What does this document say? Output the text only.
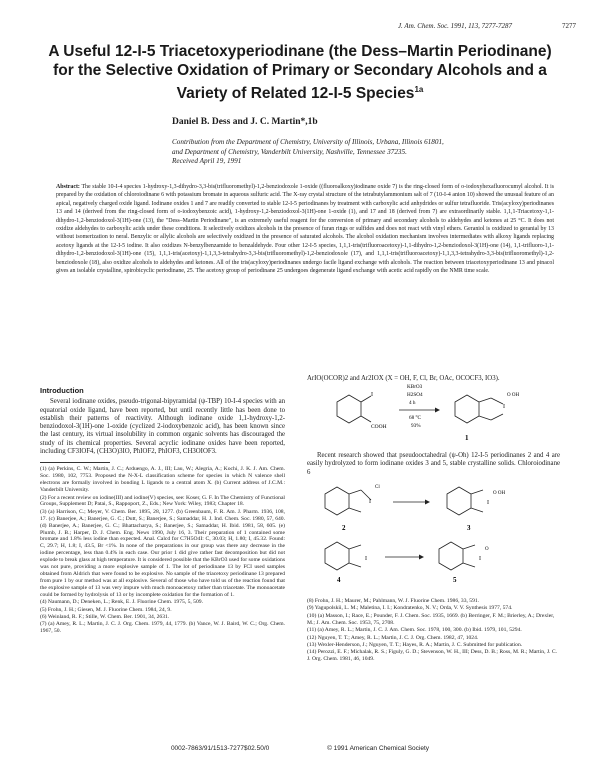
J. Am. Chem. Soc. 1991, 113, 7277-7287	7277
A Useful 12-I-5 Triacetoxyperiodinane (the Dess–Martin Periodinane) for the Selective Oxidation of Primary or Secondary Alcohols and a Variety of Related 12-I-5 Species$^{1a}$
Daniel B. Dess and J. C. Martin*,1b
Contribution from the Department of Chemistry, University of Illinois, Urbana, Illinois 61801,
and Department of Chemistry, Vanderbilt University, Nashville, Tennessee 37235.
Received April 19, 1991
Abstract: The stable 10-I-4 species 1-hydroxy-1,3-dihydro-3,3-bis(trifluoromethyl)-1,2-benziodoxole 1-oxide ((fluoroalkoxy)iodinane oxide 7) is the ring-closed form of o-iodoxyhexafluorocumyl alcohol. It is prepared by the oxidation of chloroiodinane 6 with potassium bromate in aqueous sulfuric acid. The X-ray crystal structure of the tetrabutylammonium salt of 7 (10-I-4 anion 10) showed the unusual feature of an apical, negatively charged oxide ligand. Iodinane oxides 1 and 7 are readily converted to stable 12-I-5 periodinanes by treatment with carboxylic acid anhydrides or sulfur tetrafluoride. Tris(acyloxy)periodinanes 13 and 14 (derived from the ring-closed form of o-iodoxybenzoic acid), 1-hydroxy-1,2-benziodoxol-3(1H)-one 1-oxide (1), and 17 and 18 (derived from 7) are extraordinarily stable. 1,1,1-Triacetoxy-1,1-dihydro-1,2-benziodoxol-3(1H)-one (13), the "Dess–Martin Periodinane", is an extremely useful reagent for the conversion of primary and secondary alcohols to aldehydes and ketones at 25 °C. It does not oxidize aldehydes to carboxylic acids under these conditions. It selectively oxidizes alcohols in the presence of furan rings or sulfides and does not react with vinyl ethers. Geraniol is oxidized to geranial by 13 without isomerization to neral. Benzylic or allylic alcohols are selectively oxidized in the presence of saturated alcohols. The alcohol oxidation mechanism involves intermediates with alkoxy ligands replacing acetoxy ligands at the 12-I-5 iodine. It also oxidizes N-benzylbenzamide to benzaldehyde. Four other 12-I-5 species, 1,1,1-tris(trifluoroacetoxy)-1,1-dihydro-1,2-benziodoxol-3(1H)-one (14), 1,1-trifluoro-1,1-dihydro-1,2-benziodoxol-3(1H)-one (15), 1,1,1-tris(acetoxy)-1,1,3,3-tetrahydro-3,3-bis(trifluoromethyl)-1,2-benziodoxole (17), and 1,1,1-tris(trifluoroacetoxy)-1,1,3,3-tetrahydro-3,3-bis(trifluoromethyl)-1,2-benziodoxole (18), also oxidize alcohols to aldehydes and ketones. All of the tris(acyloxy)periodinanes undergo facile ligand exchange with alcohols. The reaction between triacetoxyperiodinane 13 and pinacol gives an isolable crystalline, spirobicyclic periodinane, 25. The acetoxy group of periodinane 25 undergoes degenerate ligand exchange with acetic acid rapidly on the NMR time scale.
Introduction

Several iodinane oxides, pseudo-trigonal-bipyramidal (ψ-TBP) 10-I-4 species with an equatorial oxide ligand, have been reported, but until recently little has been done to establish their patterns of reactivity. Although iodinane oxide 1,1-hydroxy-1,2-benziodoxol-3(1H)-one 1-oxide (cyclized 2-iodoxybenzoic acid), has been known since the last century, its virtual insolubility in common organic solvents has discouraged the study of its chemical properties. Several acyclic iodinane oxides have been reported, including CF3IOF4, (CH3O)3IO, PhIOF2, PhIOF3, CH3OIOF3.

(1) (a) Perkins, C. W.; Martin, J. C.; Arduengo, A. J., III; Lau, W.; Alegria, A.; Kochi, J. K. J. Am. Chem. Soc. 1980, 102, 7753. Proposed the N-X-L classification scheme for species in which N valence shell electrons are formally involved in bonding L ligands to a central atom X. (b) Current address of J.C.M.: Vanderbilt University.
(2) For a recent review on iodine(III) and iodine(V) species, see: Koser, G. F. In The Chemistry of Functional Groups, Supplement D; Patai, S., Rappoport, Z., Eds.; New York: Wiley, 1983; Chapter 18.
(3) (a) Harrison, C.; Meyer, V. Chem. Ber. 1895, 28, 1277. (b) Greenbaum, F. R. Am. J. Pharm. 1936, 108, 17. (c) Banerjee, A.; Banerjee, G. C.; Dutt, S.; Banerjee, S.; Samaddar, H. J. Ind. Chem. Soc. 1980, 57, 640. (d) Banerjee, A.; Banerjee, G. C.; Bhattacharya, S.; Banerjee, S.; Samaddar, H. Ibid. 1981, 58, 605. (e) Plumb, J. B.; Harper, D. J. Chem. Eng. News 1990, July 16, 3. Their preparation of 1 contained some bromate and 1.8% less iodine than expected. Anal. Calcd for C7H5O4I: C, 30.03; H, 1.80; I, 45.32. Found: C, 29.7; H, 1.8; I, 43.5, Br <1%. In none of the preparations in our group was there any decrease in the iodine percentage, less than 0.4% in each case. Our prior 1 did give rather fast decomposition but did not explode to break glass at high temperature. It is considered possible that the KBrO3 used for some oxidations was not pure, providing a more explosive sample of 1. The lot of periodinane 13 by FCI used samples obtained from Aldrich that were found to be explosive. No sample of the triacetoxy periodinane 13 prepared from pure 1 by our method was at all explosive. Several of those who have told us of the reaction found that the explosive sample of 13 was very impure with much monoacetoxy rather than triacetate. The monoacetate could be formed by hydrolysis of 13 or by incomplete oxidation for the formation of 1.
(4) Naumann, D.; Deneken, L.; Renk, E. J. Fluorine Chem. 1975, 5, 509.
(5) Frohn, J. H.; Giesen, M. J. Fluorine Chem. 1984, 24, 9.
(6) Weinland, R. F.; Stille, W. Chem. Ber. 1901, 34, 2631.
(7) (a) Amey, R. L.; Martin, J. C. J. Org. Chem. 1979, 44, 1779. (b) Vance, W. J. Baird, W. C.; Org. Chem. 1967, 50.
ArIO(OCOR)2 and Ar2IOX (X = OH, F, Cl, Br, OAc, OCOCF3, IO3).
I
COOH
KBrO3
H2SO4
4 h
68 °C
93%
I
O OH
1
I
Cl
2
I
O OH
3
I
4
I
O
5
Recent research showed that pseudooctahedral (ψ-Oh) 12-I-5 periodinanes 2 and 4 are easily hydrolyzed to form iodinane oxides 3 and 5, stable crystalline solids. Chloroiodinane 6
(8) Frohn, J. H.; Maurer, M.; Pahlmann, W. J. Fluorine Chem. 1986, 33, 591.
(9) Yagupolskii, L. M.; Maletina, I. I.; Kondratenko, N. V.; Orda, V. V. Synthesis 1977, 574.
(10) (a) Masson, I.; Race, E.; Pounder, F. J. Chem. Soc. 1935, 1669. (b) Berringer, F. M.; Brierley, A.; Drexler, M.; J. Am. Chem. Soc. 1953, 75, 2708.
(11) (a) Amey, R. L.; Martin, J. C. J. Am. Chem. Soc. 1978, 100, 300. (b) Ibid. 1979, 101, 5294.
(12) Nguyen, T. T.; Amey, R. L.; Martin, J. C. J. Org. Chem. 1982, 47, 1024.
(13) Wexler-Henderson, J.; Nguyen, T. T.; Hayes, R. A.; Martin, J. C. Submitted for publication.
(14) Perozzi, E. F.; Michalak, R. S.; Figuly, G. D.; Stevenson, W. H., III; Dess, D. B.; Ross, M. R.; Martin, J. C. J. Org. Chem. 1981, 46, 1049.
0002-7863/91/1513-7277$02.50/0	© 1991 American Chemical Society
